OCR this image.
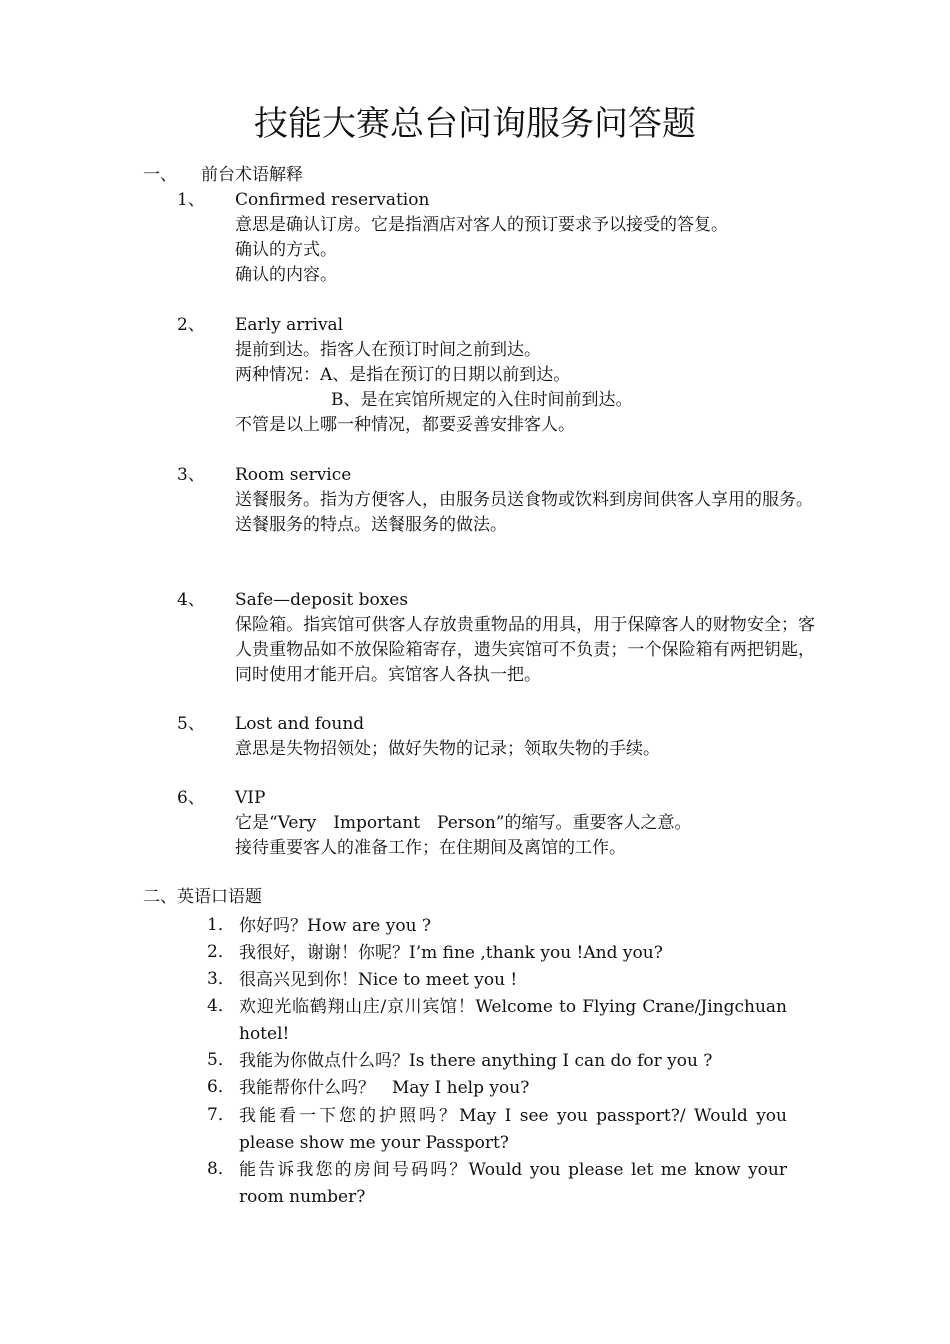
技能大赛总台问询服务问答题
一、 前台术语解释
1、 Confirmed reservation
意思是确认订房。它是指酒店对客人的预订要求予以接受的答复。
确认的方式。
确认的内容。
2、 Early arrival
提前到达。指客人在预订时间之前到达。
两种情况：A、是指在预订的日期以前到达。
B、是在宾馆所规定的入住时间前到达。
不管是以上哪一种情况，都要妥善安排客人。
3、 Room service
送餐服务。指为方便客人，由服务员送食物或饮料到房间供客人享用的服务。
送餐服务的特点。送餐服务的做法。
4、 Safe—deposit boxes
保险箱。指宾馆可供客人存放贵重物品的用具，用于保障客人的财物安全；客人贵重物品如不放保险箱寄存，遗失宾馆可不负责；一个保险箱有两把钥匙，同时使用才能开启。宾馆客人各执一把。
5、 Lost and found
意思是失物招领处；做好失物的记录；领取失物的手续。
6、 VIP
它是“Very　Important　Person”的缩写。重要客人之意。
接待重要客人的准备工作；在住期间及离馆的工作。
二、英语口语题
1． 你好吗？How are you ?
2． 我很好，谢谢！你呢？I’m fine ,thank you !And you?
3． 很高兴见到你！Nice to meet you !
4． 欢迎光临鹤翔山庄/京川宾馆！Welcome to Flying Crane/Jingchuan hotel!
5． 我能为你做点什么吗？Is there anything I can do for you ?
6． 我能帮你什么吗？　May I help you?
7． 我能看一下您的护照吗？May I see you passport?/ Would you please show me your Passport?
8． 能告诉我您的房间号码吗？Would you please let me know your room number?
